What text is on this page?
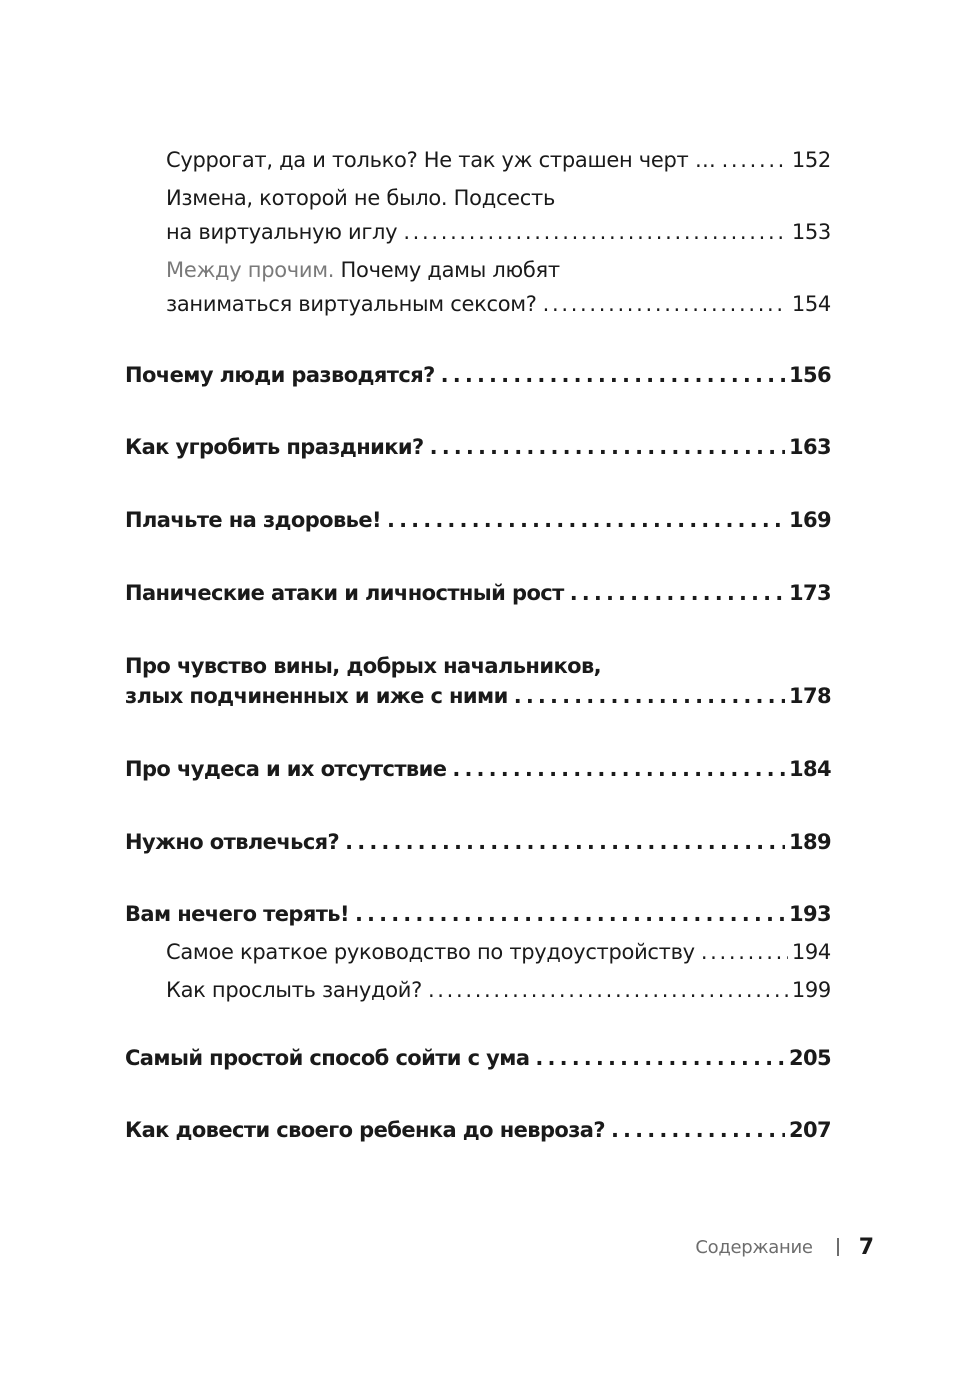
Суррогат, да и только? Не так уж страшен черт … . . .	152
Измена, которой не было. Подсесть
на виртуальную иглу . . .	153
Между прочим. Почему дамы любят
заниматься виртуальным сексом? . . .	154
Почему люди разводятся? . . .	156
Как угробить праздники? . . .	163
Плачьте на здоровье! . . .	169
Панические атаки и личностный рост . . .	173
Про чувство вины, добрых начальников,
злых подчиненных и иже с ними . . .	178
Про чудеса и их отсутствие . . .	184
Нужно отвлечься? . . .	189
Вам нечего терять! . . .	193
Самое краткое руководство по трудоустройству . . .	194
Как прослыть занудой? . . .	199
Самый простой способ сойти с ума . . .	205
Как довести своего ребенка до невроза? . . .	207
Содержание 7
